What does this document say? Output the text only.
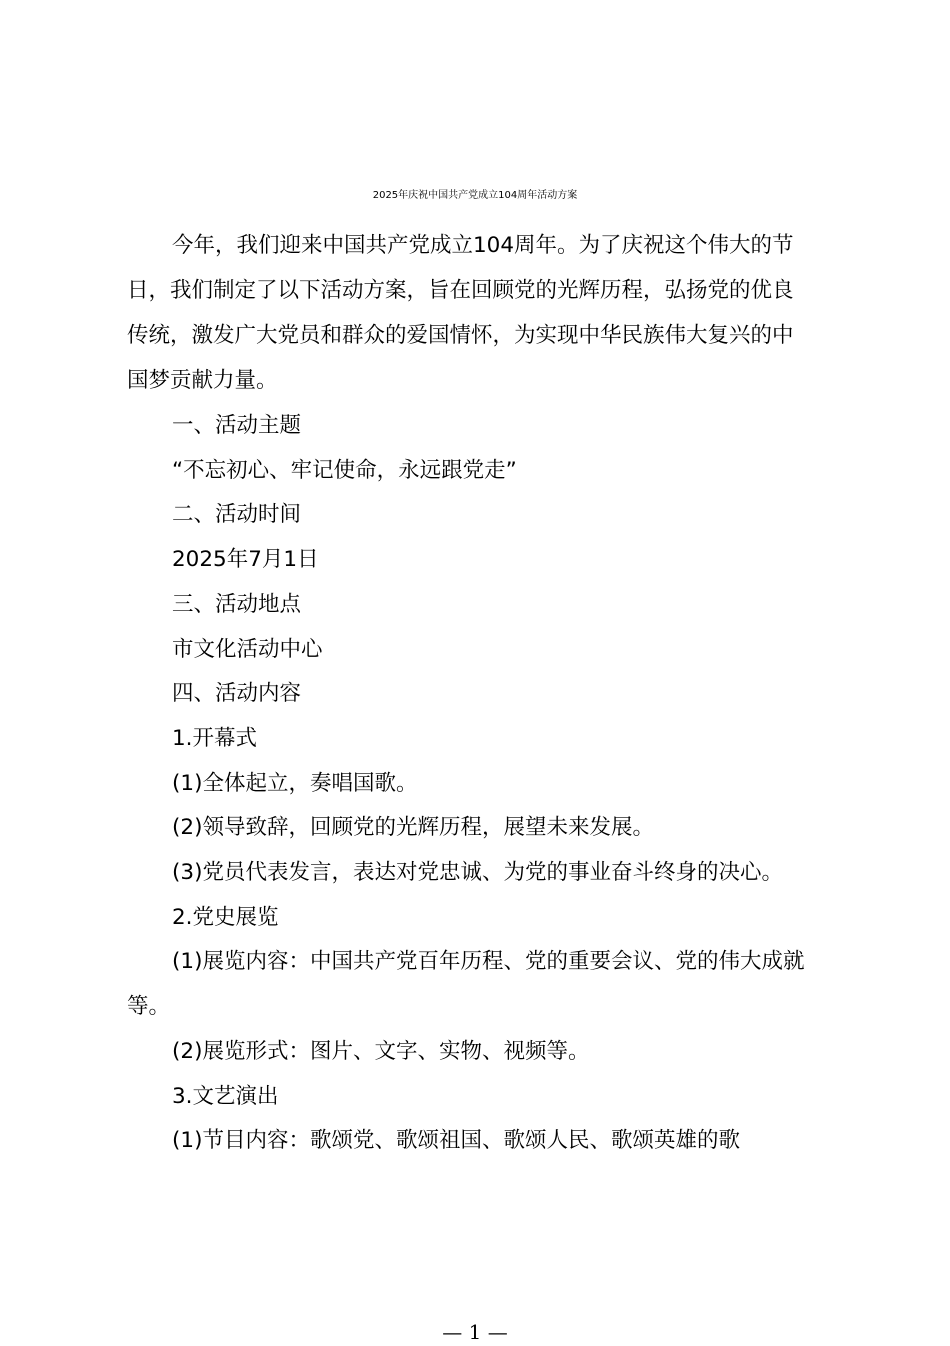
2025年庆祝中国共产党成立104周年活动方案
今年，我们迎来中国共产党成立104周年。为了庆祝这个伟大的节
日，我们制定了以下活动方案，旨在回顾党的光辉历程，弘扬党的优良
传统，激发广大党员和群众的爱国情怀，为实现中华民族伟大复兴的中
国梦贡献力量。
一、活动主题
“不忘初心、牢记使命，永远跟党走”
二、活动时间
2025年7月1日
三、活动地点
市文化活动中心
四、活动内容
1.开幕式
(1)全体起立，奏唱国歌。
(2)领导致辞，回顾党的光辉历程，展望未来发展。
(3)党员代表发言，表达对党忠诚、为党的事业奋斗终身的决心。
2.党史展览
(1)展览内容：中国共产党百年历程、党的重要会议、党的伟大成就
等。
(2)展览形式：图片、文字、实物、视频等。
3.文艺演出
(1)节目内容：歌颂党、歌颂祖国、歌颂人民、歌颂英雄的歌
— 1 —
